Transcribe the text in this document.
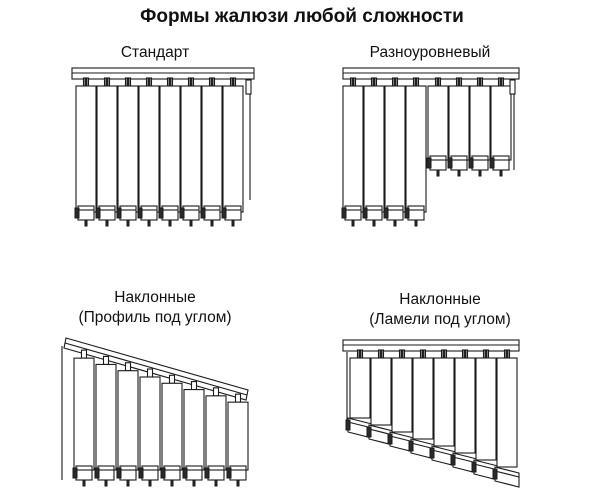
Формы жалюзи любой сложности
Стандарт	Разноуровневый
Наклонные
(Профиль под углом)
Наклонные
(Ламели под углом)
